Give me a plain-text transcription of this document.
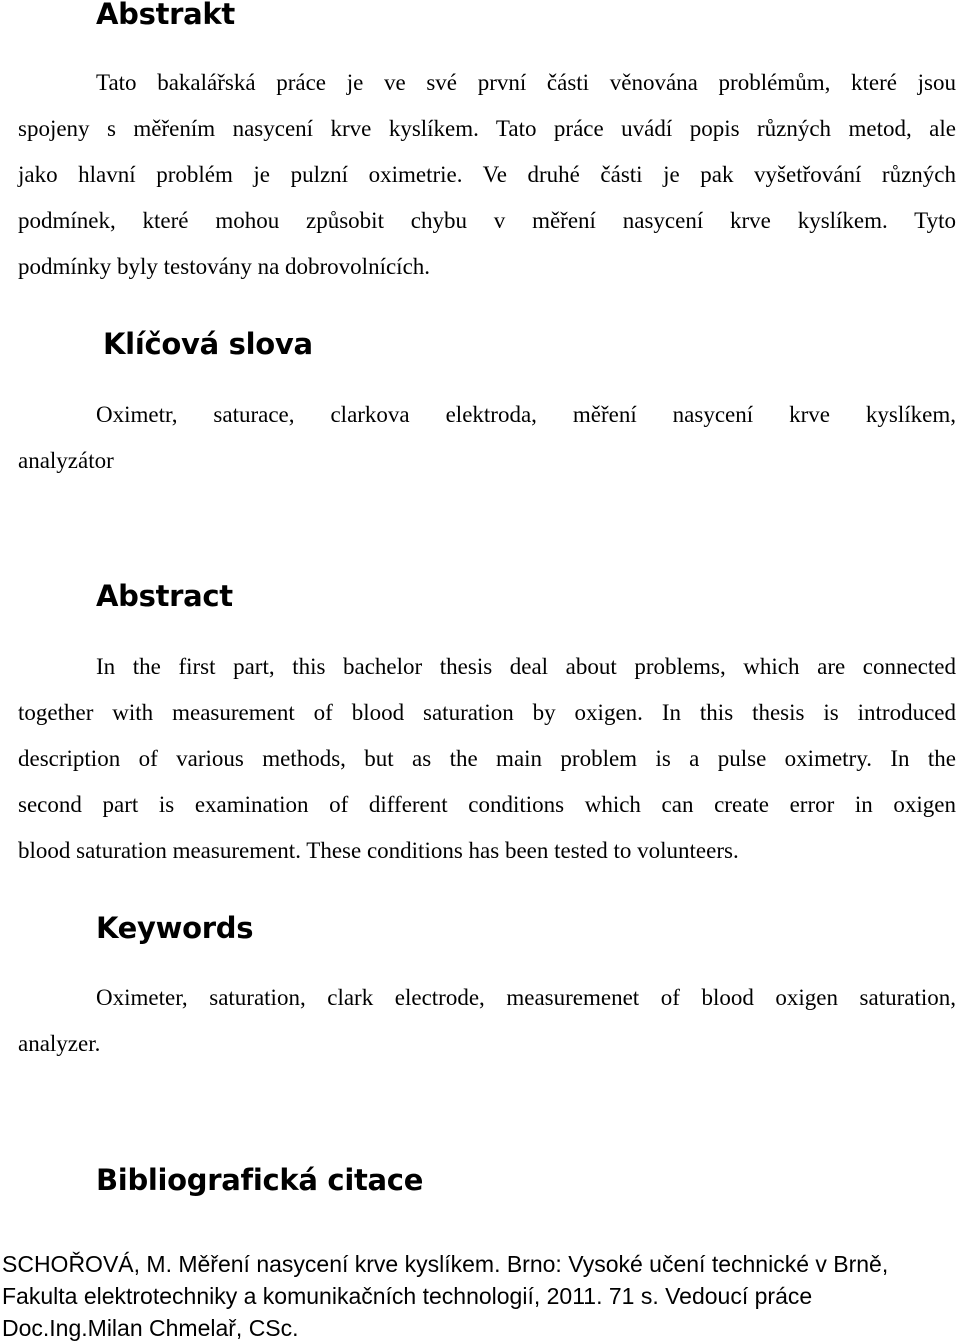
Abstrakt
Tato bakalářská práce je ve své první části věnována problémům, které jsou
spojeny s měřením nasycení krve kyslíkem. Tato práce uvádí popis různých metod, ale
jako hlavní problém je pulzní oximetrie. Ve druhé části je pak vyšetřování různých
podmínek, které mohou způsobit chybu v měření nasycení krve kyslíkem. Tyto
podmínky byly testovány na dobrovolnících.
Klíčová slova
Oximetr, saturace, clarkova elektroda, měření nasycení krve kyslíkem,
analyzátor
Abstract
In the first part, this bachelor thesis deal about problems, which are connected
together with measurement of blood saturation by oxigen. In this thesis is introduced
description of various methods, but as the main problem is a pulse oximetry. In the
second part is examination of different conditions which can create error in oxigen
blood saturation measurement. These conditions has been tested to volunteers.
Keywords
Oximeter, saturation, clark electrode, measuremenet of blood oxigen saturation,
analyzer.
Bibliografická citace
SCHOŘOVÁ, M. Měření nasycení krve kyslíkem. Brno: Vysoké učení technické v Brně,
Fakulta elektrotechniky a komunikačních technologií, 2011. 71 s. Vedoucí práce
Doc.Ing.Milan Chmelař, CSc.
